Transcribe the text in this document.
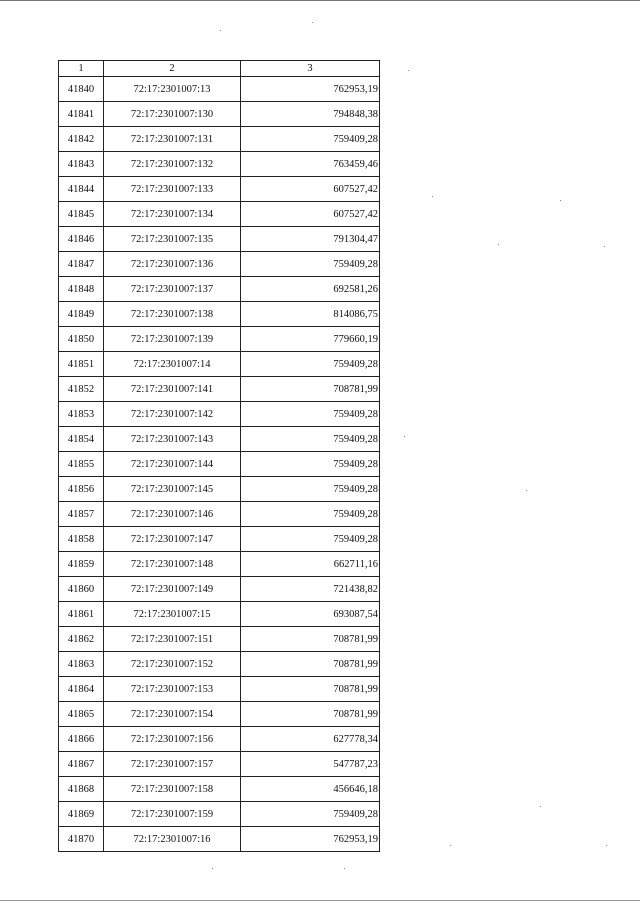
1	2	3
41840	72:17:2301007:13	762953,19
41841	72:17:2301007:130	794848,38
41842	72:17:2301007:131	759409,28
41843	72:17:2301007:132	763459,46
41844	72:17:2301007:133	607527,42
41845	72:17:2301007:134	607527,42
41846	72:17:2301007:135	791304,47
41847	72:17:2301007:136	759409,28
41848	72:17:2301007:137	692581,26
41849	72:17:2301007:138	814086,75
41850	72:17:2301007:139	779660,19
41851	72:17:2301007:14	759409,28
41852	72:17:2301007:141	708781,99
41853	72:17:2301007:142	759409,28
41854	72:17:2301007:143	759409,28
41855	72:17:2301007:144	759409,28
41856	72:17:2301007:145	759409,28
41857	72:17:2301007:146	759409,28
41858	72:17:2301007:147	759409,28
41859	72:17:2301007:148	662711,16
41860	72:17:2301007:149	721438,82
41861	72:17:2301007:15	693087,54
41862	72:17:2301007:151	708781,99
41863	72:17:2301007:152	708781,99
41864	72:17:2301007:153	708781,99
41865	72:17:2301007:154	708781,99
41866	72:17:2301007:156	627778,34
41867	72:17:2301007:157	547787,23
41868	72:17:2301007:158	456646,18
41869	72:17:2301007:159	759409,28
41870	72:17:2301007:16	762953,19
